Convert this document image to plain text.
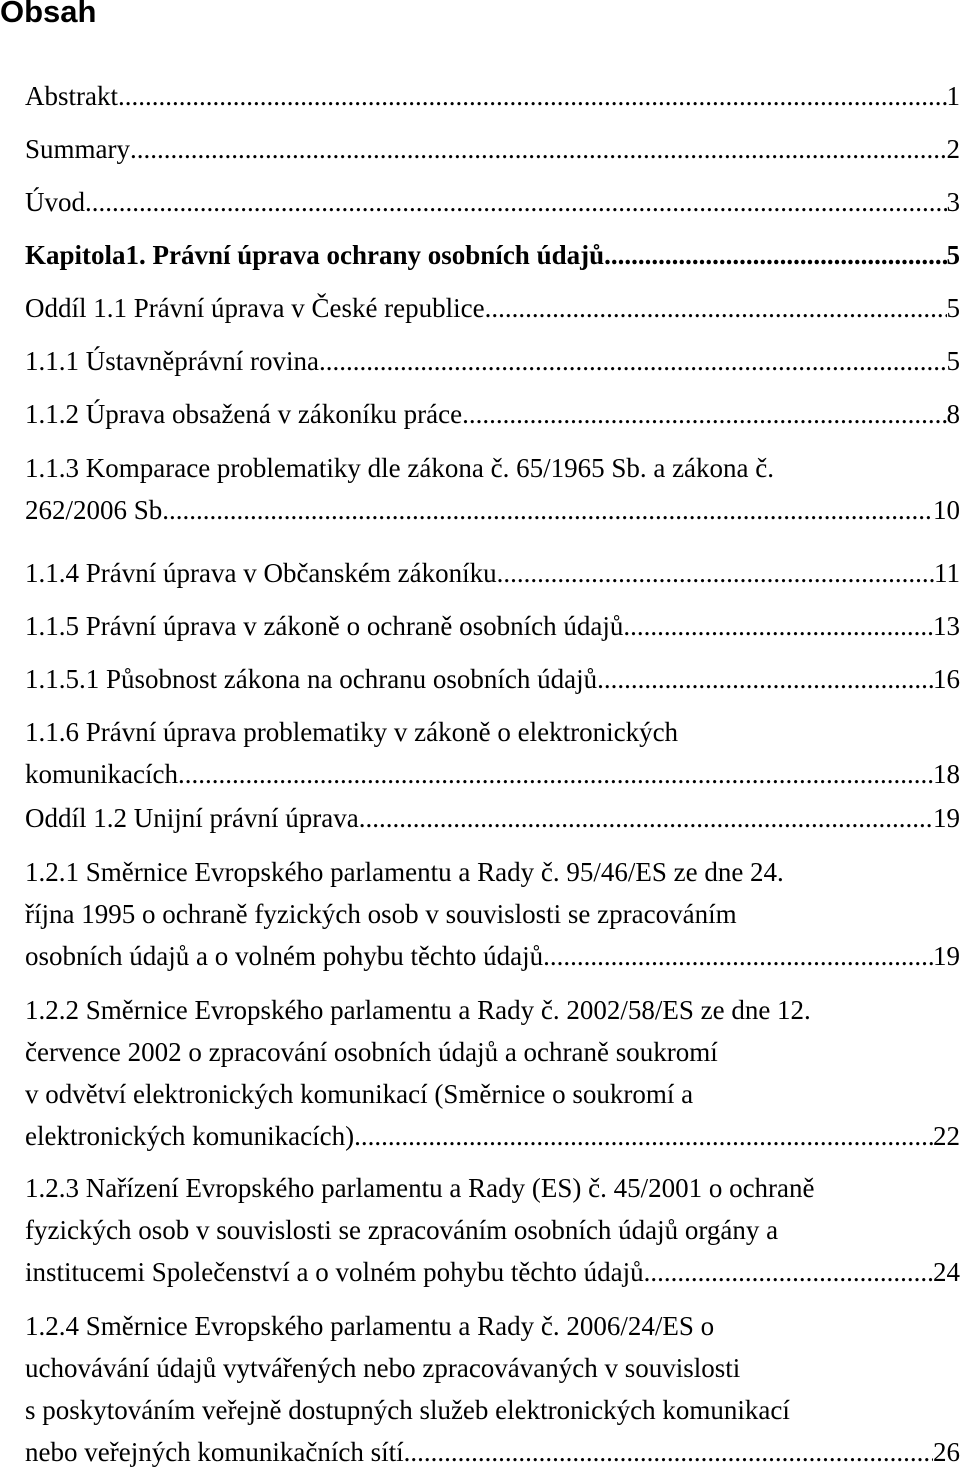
Obsah
Abstrakt .....	1
Summary .....	2
Úvod .....	3
Kapitola1. Právní úprava ochrany osobních údajů .....	5
Oddíl 1.1 Právní úprava v České republice .....	5
1.1.1 Ústavněprávní rovina .....	5
1.1.2 Úprava obsažená v zákoníku práce .....	8
1.1.3 Komparace problematiky dle zákona č. 65/1965 Sb. a zákona č.
262/2006 Sb. .....	10
1.1.4 Právní úprava v Občanském zákoníku .....	11
1.1.5 Právní úprava v zákoně o ochraně osobních údajů .....	13
1.1.5.1 Působnost zákona na ochranu osobních údajů .....	16
1.1.6 Právní úprava problematiky v zákoně o elektronických
komunikacích .....	18
Oddíl 1.2 Unijní právní úprava .....	19
1.2.1 Směrnice Evropského parlamentu a Rady č. 95/46/ES ze dne 24.
října 1995 o ochraně fyzických osob v souvislosti se zpracováním
osobních údajů a o volném pohybu těchto údajů .....	19
1.2.2 Směrnice Evropského parlamentu a Rady č. 2002/58/ES ze dne 12.
července 2002 o zpracování osobních údajů a ochraně soukromí
v odvětví elektronických komunikací (Směrnice o soukromí a
elektronických komunikacích) .....	22
1.2.3 Nařízení Evropského parlamentu a Rady (ES) č. 45/2001 o ochraně
fyzických osob v souvislosti se zpracováním osobních údajů orgány a
institucemi Společenství a o volném pohybu těchto údajů .....	24
1.2.4 Směrnice Evropského parlamentu a Rady č. 2006/24/ES o
uchovávání údajů vytvářených nebo zpracovávaných v souvislosti
s poskytováním veřejně dostupných služeb elektronických komunikací
nebo veřejných komunikačních sítí .....	26
